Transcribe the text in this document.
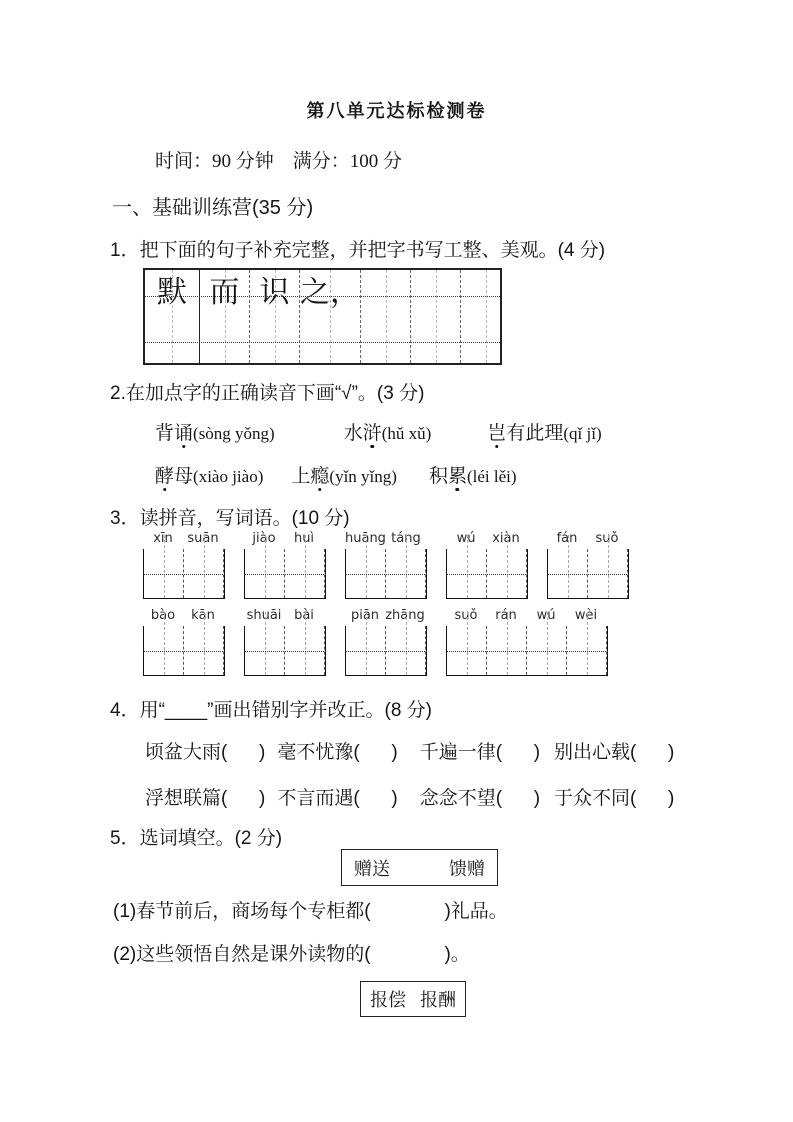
第八单元达标检测卷
时间：90 分钟    满分：100 分
一、基础训练营(35 分)
1．把下面的句子补充完整，并把字书写工整、美观。(4 分)
默 而 识 之，
2.在加点字的正确读音下画“√”。(3 分)
背诵(sòng yǒng)	水浒(hǔ xǔ)	岂有此理(qǐ jǐ)
酵母(xiào jiào) 上瘾(yǐn yǐng) 积累(léi lěi)
3．读拼音，写词语。(10 分)
xīn	suān	jiào	huì	huāng táng	wú	xiàn	fán	suǒ
bào	kān	shuāi bài	piān zhāng	suǒ	rán	wú	wèi
4．用“____”画出错别字并改正。(8 分)
顷盆大雨(      ) 毫不忧豫(      ) 千遍一律(      ) 别出心载(      )
浮想联篇(      ) 不言而遇(      ) 念念不望(      ) 于众不同(      )
5．选词填空。(2 分)
赠送	馈赠
(1)春节前后，商场每个专柜都(              )礼品。
(2)这些领悟自然是课外读物的(              )。
报偿 报酬
